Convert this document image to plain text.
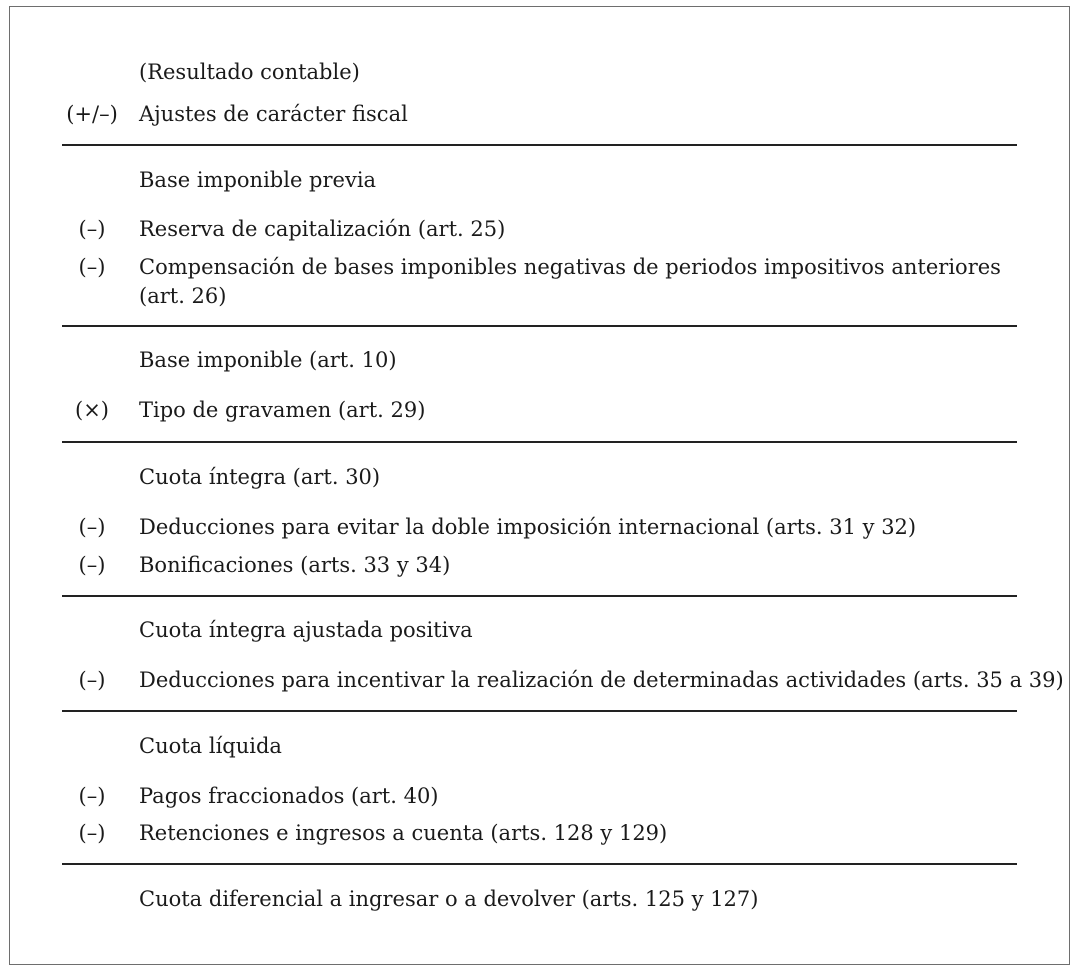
(Resultado contable)
(+/–)	Ajustes de carácter fiscal
Base imponible previa
(–)	Reserva de capitalización (art. 25)
(–)	Compensación de bases imponibles negativas de periodos impositivos anteriores
(art. 26)
Base imponible (art. 10)
(×)	Tipo de gravamen (art. 29)
Cuota íntegra (art. 30)
(–)	Deducciones para evitar la doble imposición internacional (arts. 31 y 32)
(–)	Bonificaciones (arts. 33 y 34)
Cuota íntegra ajustada positiva
(–)	Deducciones para incentivar la realización de determinadas actividades (arts. 35 a 39)
Cuota líquida
(–)	Pagos fraccionados (art. 40)
(–)	Retenciones e ingresos a cuenta (arts. 128 y 129)
Cuota diferencial a ingresar o a devolver (arts. 125 y 127)
